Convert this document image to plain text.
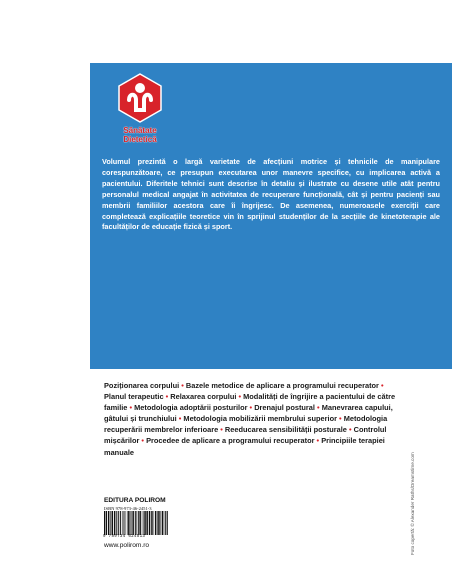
Sănătate
Dietetică
Volumul prezintă o largă varietate de afecțiuni motrice și tehnicile de manipulare corespunzătoare, ce presupun executarea unor manevre specifice, cu implicarea activă a pacientului. Diferitele tehnici sunt descrise în detaliu și ilustrate cu desene utile atât pentru personalul medical angajat în activitatea de recuperare funcțională, cât și pentru pacienți sau membrii familiilor acestora care îi îngrijesc. De asemenea, numeroasele exerciții care completează explicațiile teoretice vin în sprijinul studenților de la secțiile de kinetoterapie ale facultăților de educație fizică și sport.
Poziționarea corpului • Bazele metodice de aplicare a programului recuperator • Planul terapeutic • Relaxarea corpului • Modalități de îngrijire a pacientului de către familie • Metodologia adoptării posturilor • Drenajul postural • Manevrarea capului, gâtului și trunchiului • Metodologia mobilizării membrului superior • Metodologia recuperării membrelor inferioare • Reeducarea sensibilității posturale • Controlul mișcărilor • Procedee de aplicare a programului recuperator • Principiile terapiei manuale
EDITURA POLIROM
ISBN 978-973-46-2451-3
9 789734 624513
www.polirom.ro	Foto copertă: © Alexander Raths/Dreamstime.com
